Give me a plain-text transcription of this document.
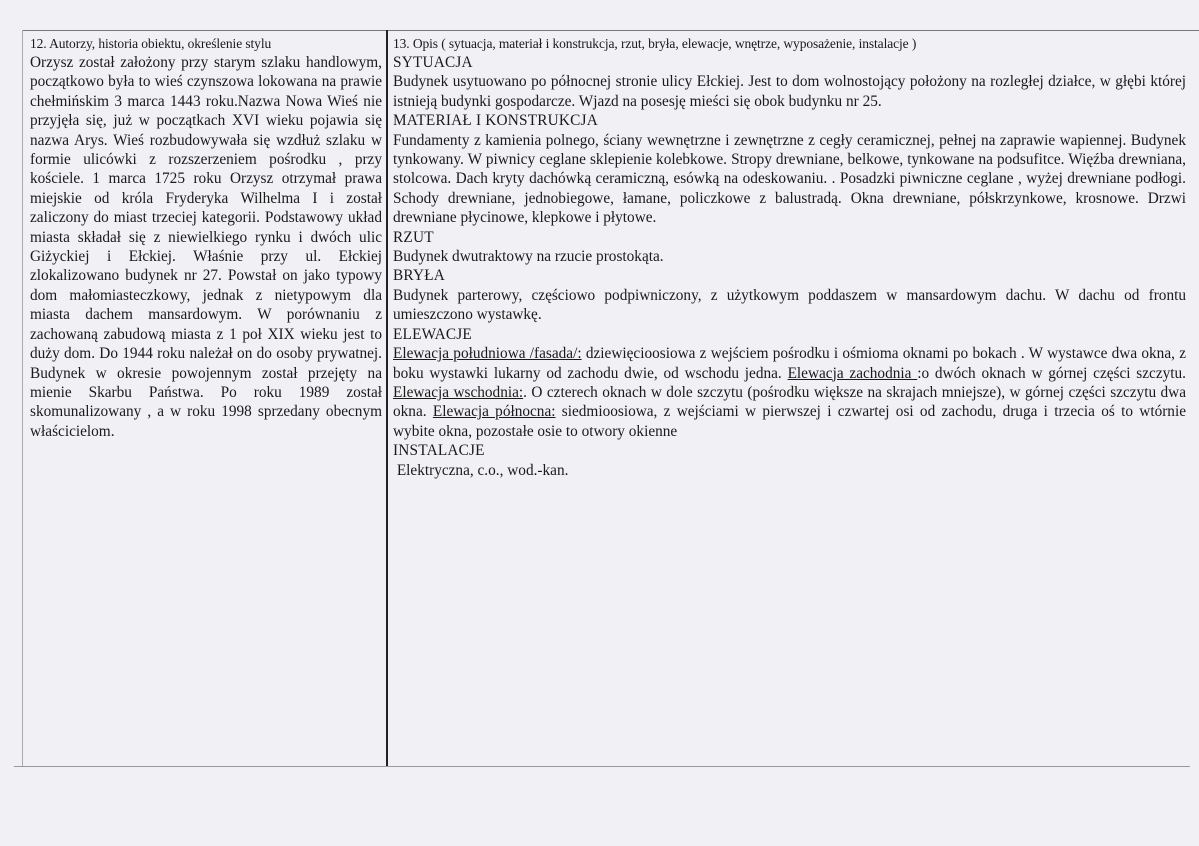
12. Autorzy, historia obiektu, określenie stylu

Orzysz został założony przy starym szlaku handlowym, początkowo była to wieś czynszowa lokowana na prawie chełmińskim 3 marca 1443 roku.Nazwa Nowa Wieś nie przyjęła się, już w początkach XVI wieku pojawia się nazwa Arys. Wieś rozbudowywała się wzdłuż szlaku w formie ulicówki z rozszerzeniem pośrodku , przy kościele. 1 marca 1725 roku Orzysz otrzymał prawa miejskie od króla Fryderyka Wilhelma I i został zaliczony do miast trzeciej kategorii. Podstawowy układ miasta składał się z niewielkiego rynku i dwóch ulic Giżyckiej i Ełckiej. Właśnie przy ul. Ełckiej zlokalizowano budynek nr 27. Powstał on jako typowy dom małomiasteczkowy, jednak z nietypowym dla miasta dachem mansardowym. W porównaniu z zachowaną zabudową miasta z 1 poł XIX wieku jest to duży dom. Do 1944 roku należał on do osoby prywatnej. Budynek w okresie powojennym został przejęty na mienie Skarbu Państwa. Po roku 1989 został skomunalizowany , a w roku 1998 sprzedany obecnym właścicielom.

13. Opis ( sytuacja, materiał i konstrukcja, rzut, bryła, elewacje, wnętrze, wyposażenie, instalacje )

SYTUACJA

Budynek usytuowano po północnej stronie ulicy Ełckiej. Jest to dom wolnostojący położony na rozległej działce, w głębi której istnieją budynki gospodarcze. Wjazd na posesję mieści się obok budynku nr 25.

MATERIAŁ I KONSTRUKCJA

Fundamenty z kamienia polnego, ściany wewnętrzne i zewnętrzne z cegły ceramicznej, pełnej na zaprawie wapiennej. Budynek tynkowany. W piwnicy ceglane sklepienie kolebkowe. Stropy drewniane, belkowe, tynkowane na podsufitce. Więźba drewniana, stolcowa. Dach kryty dachówką ceramiczną, esówką na odeskowaniu. . Posadzki piwniczne ceglane , wyżej drewniane podłogi. Schody drewniane, jednobiegowe, łamane, policzkowe z balustradą. Okna drewniane, półskrzynkowe, krosnowe. Drzwi drewniane płycinowe, klepkowe i płytowe.

RZUT

Budynek dwutraktowy na rzucie prostokąta.

BRYŁA

Budynek parterowy, częściowo podpiwniczony, z użytkowym poddaszem w mansardowym dachu. W dachu od frontu umieszczono wystawkę.

ELEWACJE

Elewacja południowa /fasada/: dziewięcioosiowa z wejściem pośrodku i ośmioma oknami po bokach . W wystawce dwa okna, z boku wystawki lukarny od zachodu dwie, od wschodu jedna. Elewacja zachodnia :o dwóch oknach w górnej części szczytu. Elewacja wschodnia:. O czterech oknach w dole szczytu (pośrodku większe na skrajach mniejsze), w górnej części szczytu dwa okna. Elewacja północna: siedmioosiowa, z wejściami w pierwszej i czwartej osi od zachodu, druga i trzecia oś to wtórnie wybite okna, pozostałe osie to otwory okienne

INSTALACJE

Elektryczna, c.o., wod.-kan.
